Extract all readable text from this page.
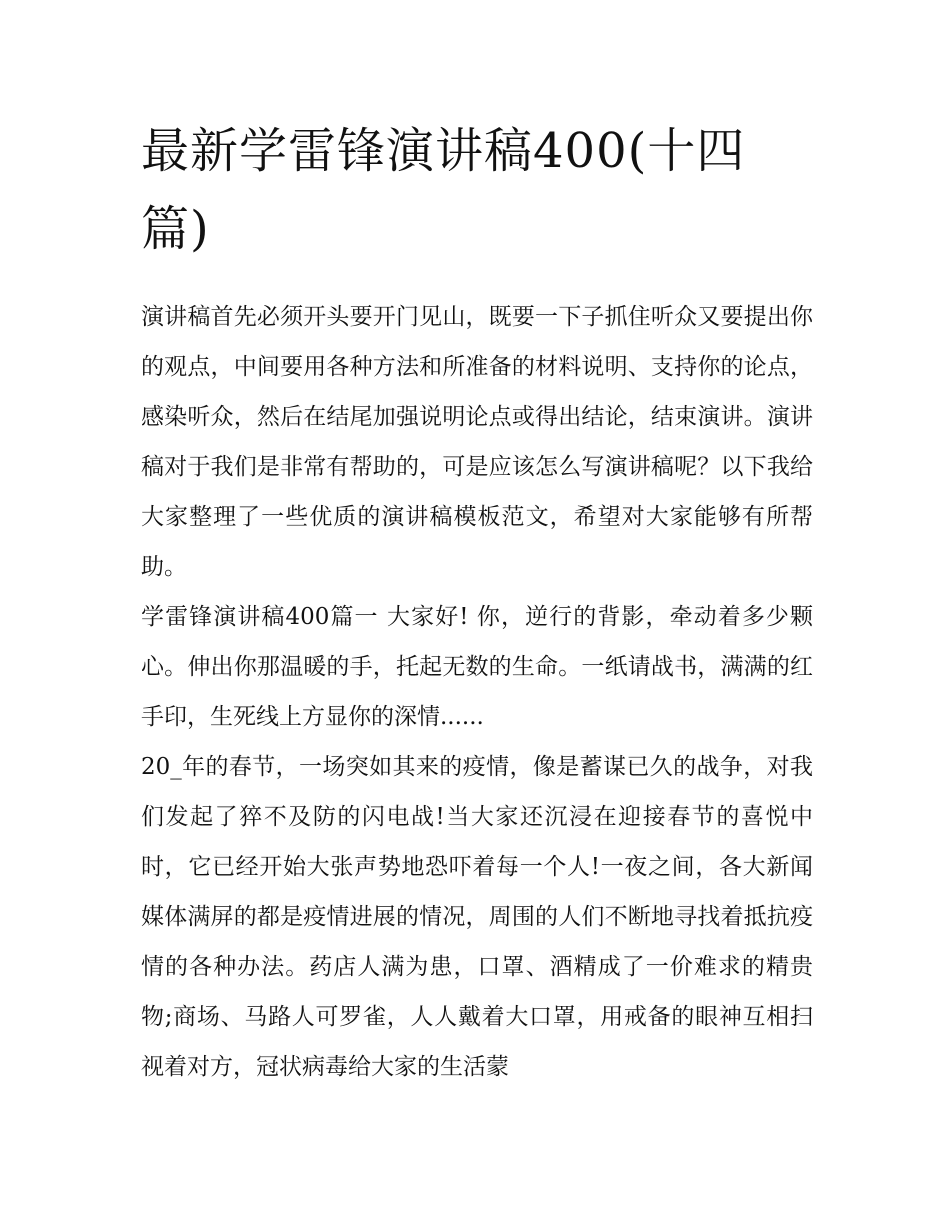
最新学雷锋演讲稿400(十四篇)

演讲稿首先必须开头要开门见山，既要一下子抓住听众又要提出你的观点，中间要用各种方法和所准备的材料说明、支持你的论点，感染听众，然后在结尾加强说明论点或得出结论，结束演讲。演讲稿对于我们是非常有帮助的，可是应该怎么写演讲稿呢？以下我给大家整理了一些优质的演讲稿模板范文，希望对大家能够有所帮助。

学雷锋演讲稿400篇一 大家好! 你，逆行的背影，牵动着多少颗心。伸出你那温暖的手，托起无数的生命。一纸请战书，满满的红手印，生死线上方显你的深情......

20_年的春节，一场突如其来的疫情，像是蓄谋已久的战争，对我们发起了猝不及防的闪电战!当大家还沉浸在迎接春节的喜悦中时，它已经开始大张声势地恐吓着每一个人!一夜之间，各大新闻媒体满屏的都是疫情进展的情况，周围的人们不断地寻找着抵抗疫情的各种办法。药店人满为患，口罩、酒精成了一价难求的精贵物;商场、马路人可罗雀，人人戴着大口罩，用戒备的眼神互相扫视着对方，冠状病毒给大家的生活蒙
